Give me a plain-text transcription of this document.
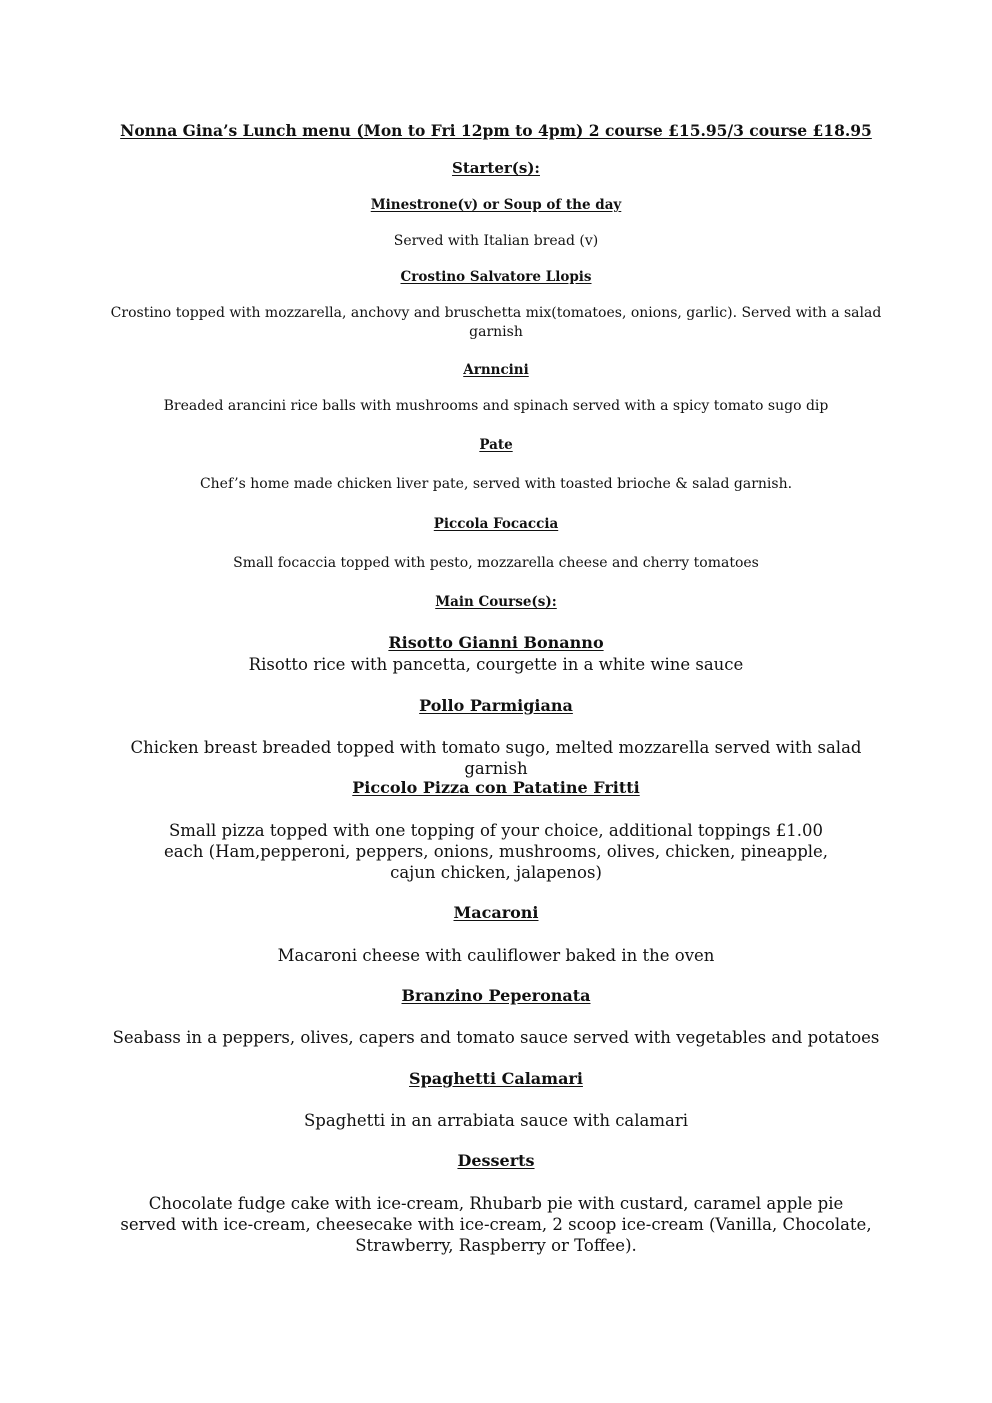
Nonna Gina’s Lunch menu (Mon to Fri 12pm to 4pm) 2 course £15.95/3 course £18.95

Starter(s):

Minestrone(v) or Soup of the day

Served with Italian bread (v)

Crostino Salvatore Llopis

Crostino topped with mozzarella, anchovy and bruschetta mix(tomatoes, onions, garlic). Served with a salad garnish

Arnncini

Breaded arancini rice balls with mushrooms and spinach served with a spicy tomato sugo dip

Pate

Chef’s home made chicken liver pate, served with toasted brioche & salad garnish.

Piccola Focaccia

Small focaccia topped with pesto, mozzarella cheese and cherry tomatoes

Main Course(s):

Risotto Gianni Bonanno

Risotto rice with pancetta, courgette in a white wine sauce

Pollo Parmigiana

Chicken breast breaded topped with tomato sugo, melted mozzarella served with salad garnish

Piccolo Pizza con Patatine Fritti

Small pizza topped with one topping of your choice, additional toppings £1.00 each (Ham,pepperoni, peppers, onions, mushrooms, olives, chicken, pineapple, cajun chicken, jalapenos)

Macaroni

Macaroni cheese with cauliflower baked in the oven

Branzino Peperonata

Seabass in a peppers, olives, capers and tomato sauce served with vegetables and potatoes

Spaghetti Calamari

Spaghetti in an arrabiata sauce with calamari

Desserts

Chocolate fudge cake with ice-cream, Rhubarb pie with custard, caramel apple pie served with ice-cream, cheesecake with ice-cream, 2 scoop ice-cream (Vanilla, Chocolate, Strawberry, Raspberry or Toffee).
